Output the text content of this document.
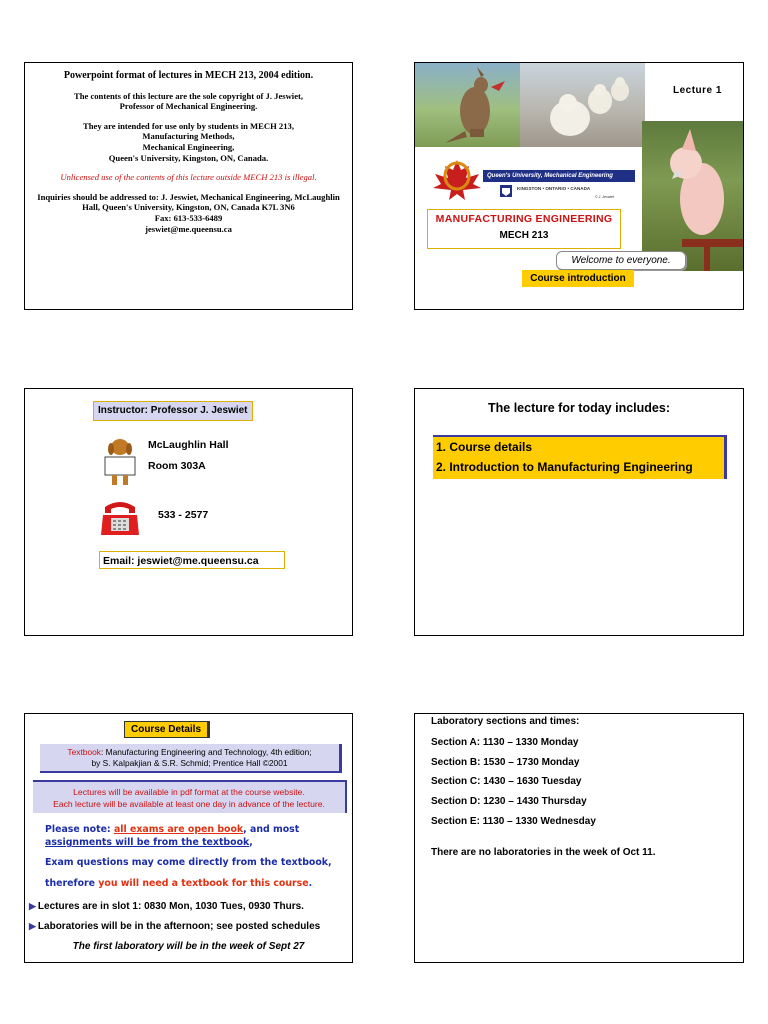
Powerpoint format of lectures in MECH 213, 2004 edition.

The contents of this lecture are the sole copyright of J. Jeswiet,

Professor of Mechanical Engineering.

They are intended for use only by students in MECH 213,

Manufacturing Methods,

Mechanical Engineering,

Queen's University, Kingston, ON, Canada.

Unlicensed use of the contents of this lecture outside MECH 213 is illegal.

Inquiries should be addressed to: J. Jeswiet, Mechanical Engineering, McLaughlin

Hall, Queen's University, Kingston, ON, Canada K7L 3N6

Fax: 613-533-6489

jeswiet@me.queensu.ca

Lecture 1
Queen's University, Mechanical Engineering
KINGSTON • ONTARIO • CANADA
© J. Jeswiet
MANUFACTURING ENGINEERING
MECH 213
Welcome to everyone.
Course introduction
Instructor: Professor J. Jeswiet
McLaughlin Hall
Room 303A
533 - 2577
Email: jeswiet@me.queensu.ca
The lecture for today includes:
1. Course details
2. Introduction to Manufacturing Engineering
Course Details
Textbook: Manufacturing Engineering and Technology, 4th edition;
by S. Kalpakjian & S.R. Schmid; Prentice Hall ©2001
Lectures will be available in pdf format at the course website.
Each lecture will be available at least one day in advance of the lecture.
Please note: all exams are open book, and most
assignments will be from the textbook,
Exam questions may come directly from the textbook,
therefore you will need a textbook for this course.
▶ Lectures are in slot 1: 0830 Mon, 1030 Tues, 0930 Thurs.
▶ Laboratories will be in the afternoon; see posted schedules
The first laboratory will be in the week of Sept 27
Laboratory sections and times:
Section A: 1130 – 1330 Monday
Section B: 1530 – 1730 Monday
Section C: 1430 – 1630 Tuesday
Section D: 1230 – 1430 Thursday
Section E: 1130 – 1330 Wednesday
There are no laboratories in the week of Oct 11.
